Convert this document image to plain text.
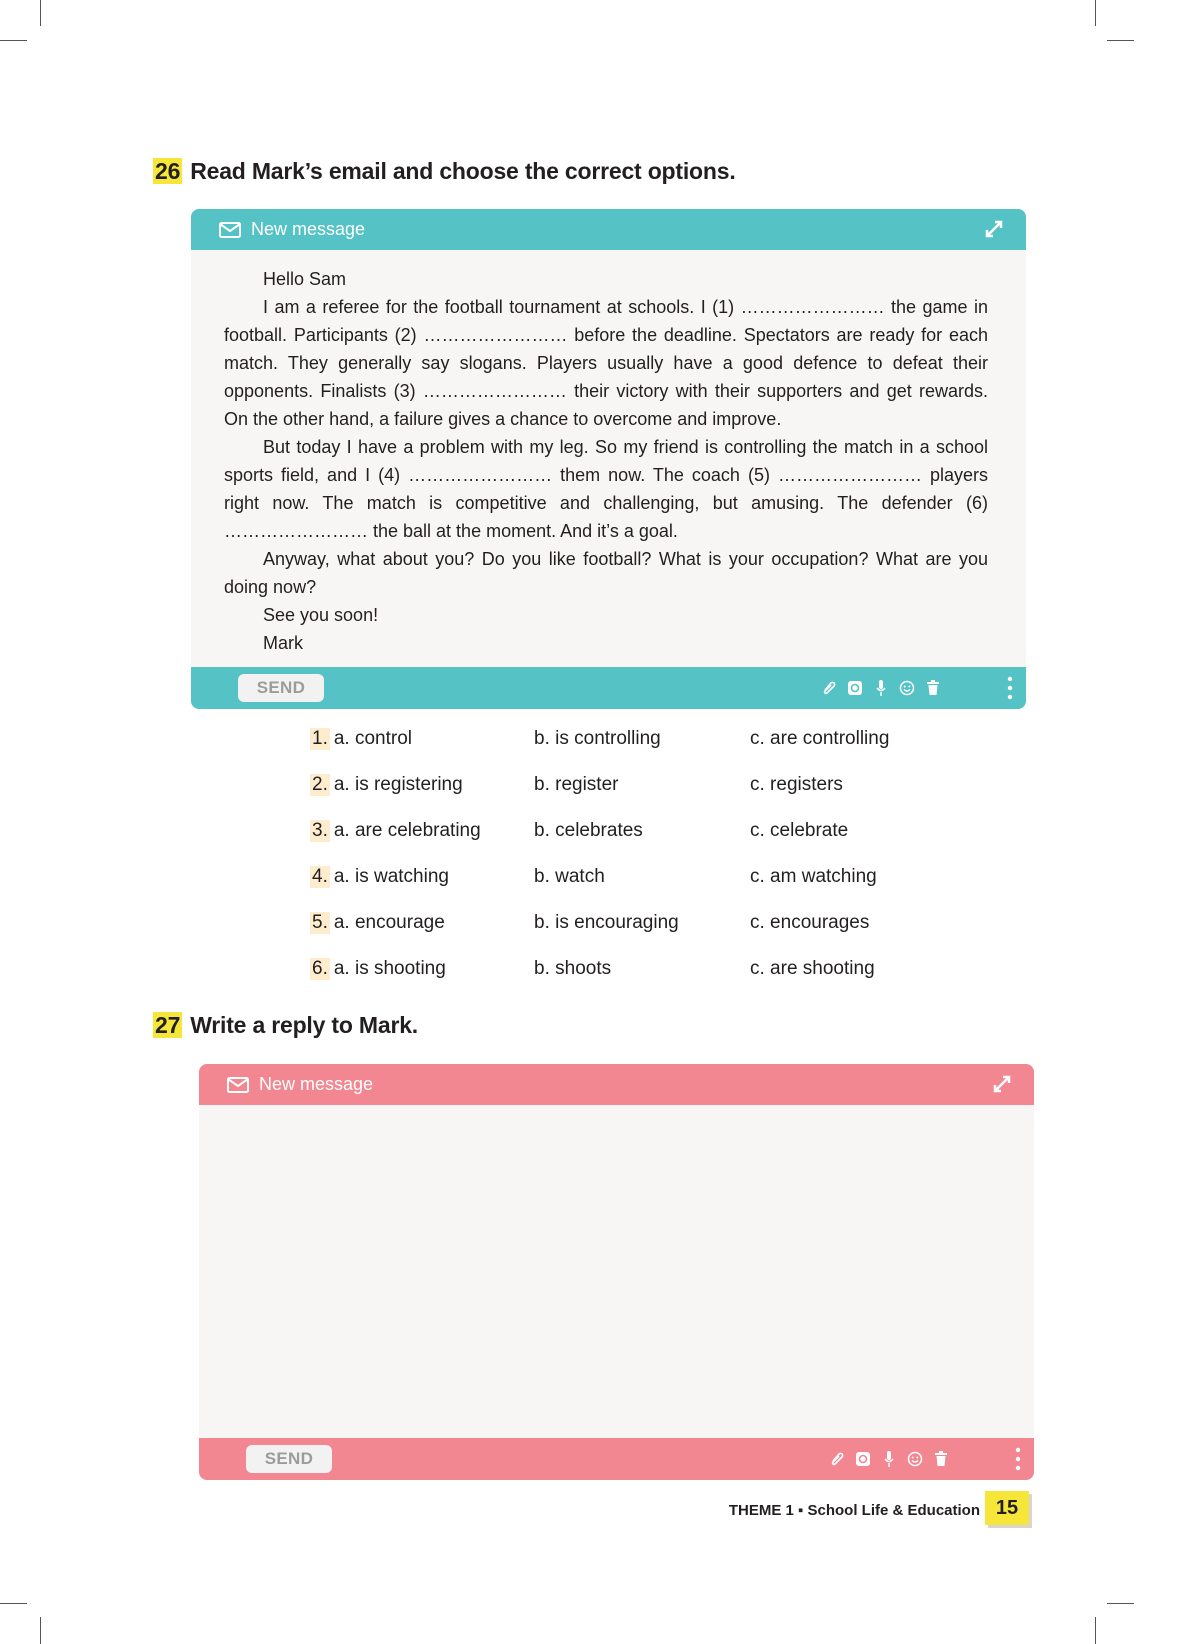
26 Read Mark’s email and choose the correct options.
New message

Hello Sam

I am a referee for the football tournament at schools. I (1) …………………… the game in football. Participants (2) …………………… before the deadline. Spectators are ready for each match. They generally say slogans. Players usually have a good defence to defeat their opponents. Finalists (3) …………………… their victory with their supporters and get rewards. On the other hand, a failure gives a chance to overcome and improve.

But today I have a problem with my leg. So my friend is controlling the match in a school sports field, and I (4) …………………… them now. The coach (5) …………………… players right now. The match is competitive and challenging, but amusing. The defender (6) …………………… the ball at the moment. And it’s a goal.

Anyway, what about you? Do you like football? What is your occupation? What are you doing now?

See you soon!

Mark

SEND
1. a. control	b. is controlling	c. are controlling
2. a. is registering	b. register	c. registers
3. a. are celebrating	b. celebrates	c. celebrate
4. a. is watching	b. watch	c. am watching
5. a. encourage	b. is encouraging	c. encourages
6. a. is shooting	b. shoots	c. are shooting
27 Write a reply to Mark.
New message
SEND
THEME 1 ▪ School Life & Education 15
